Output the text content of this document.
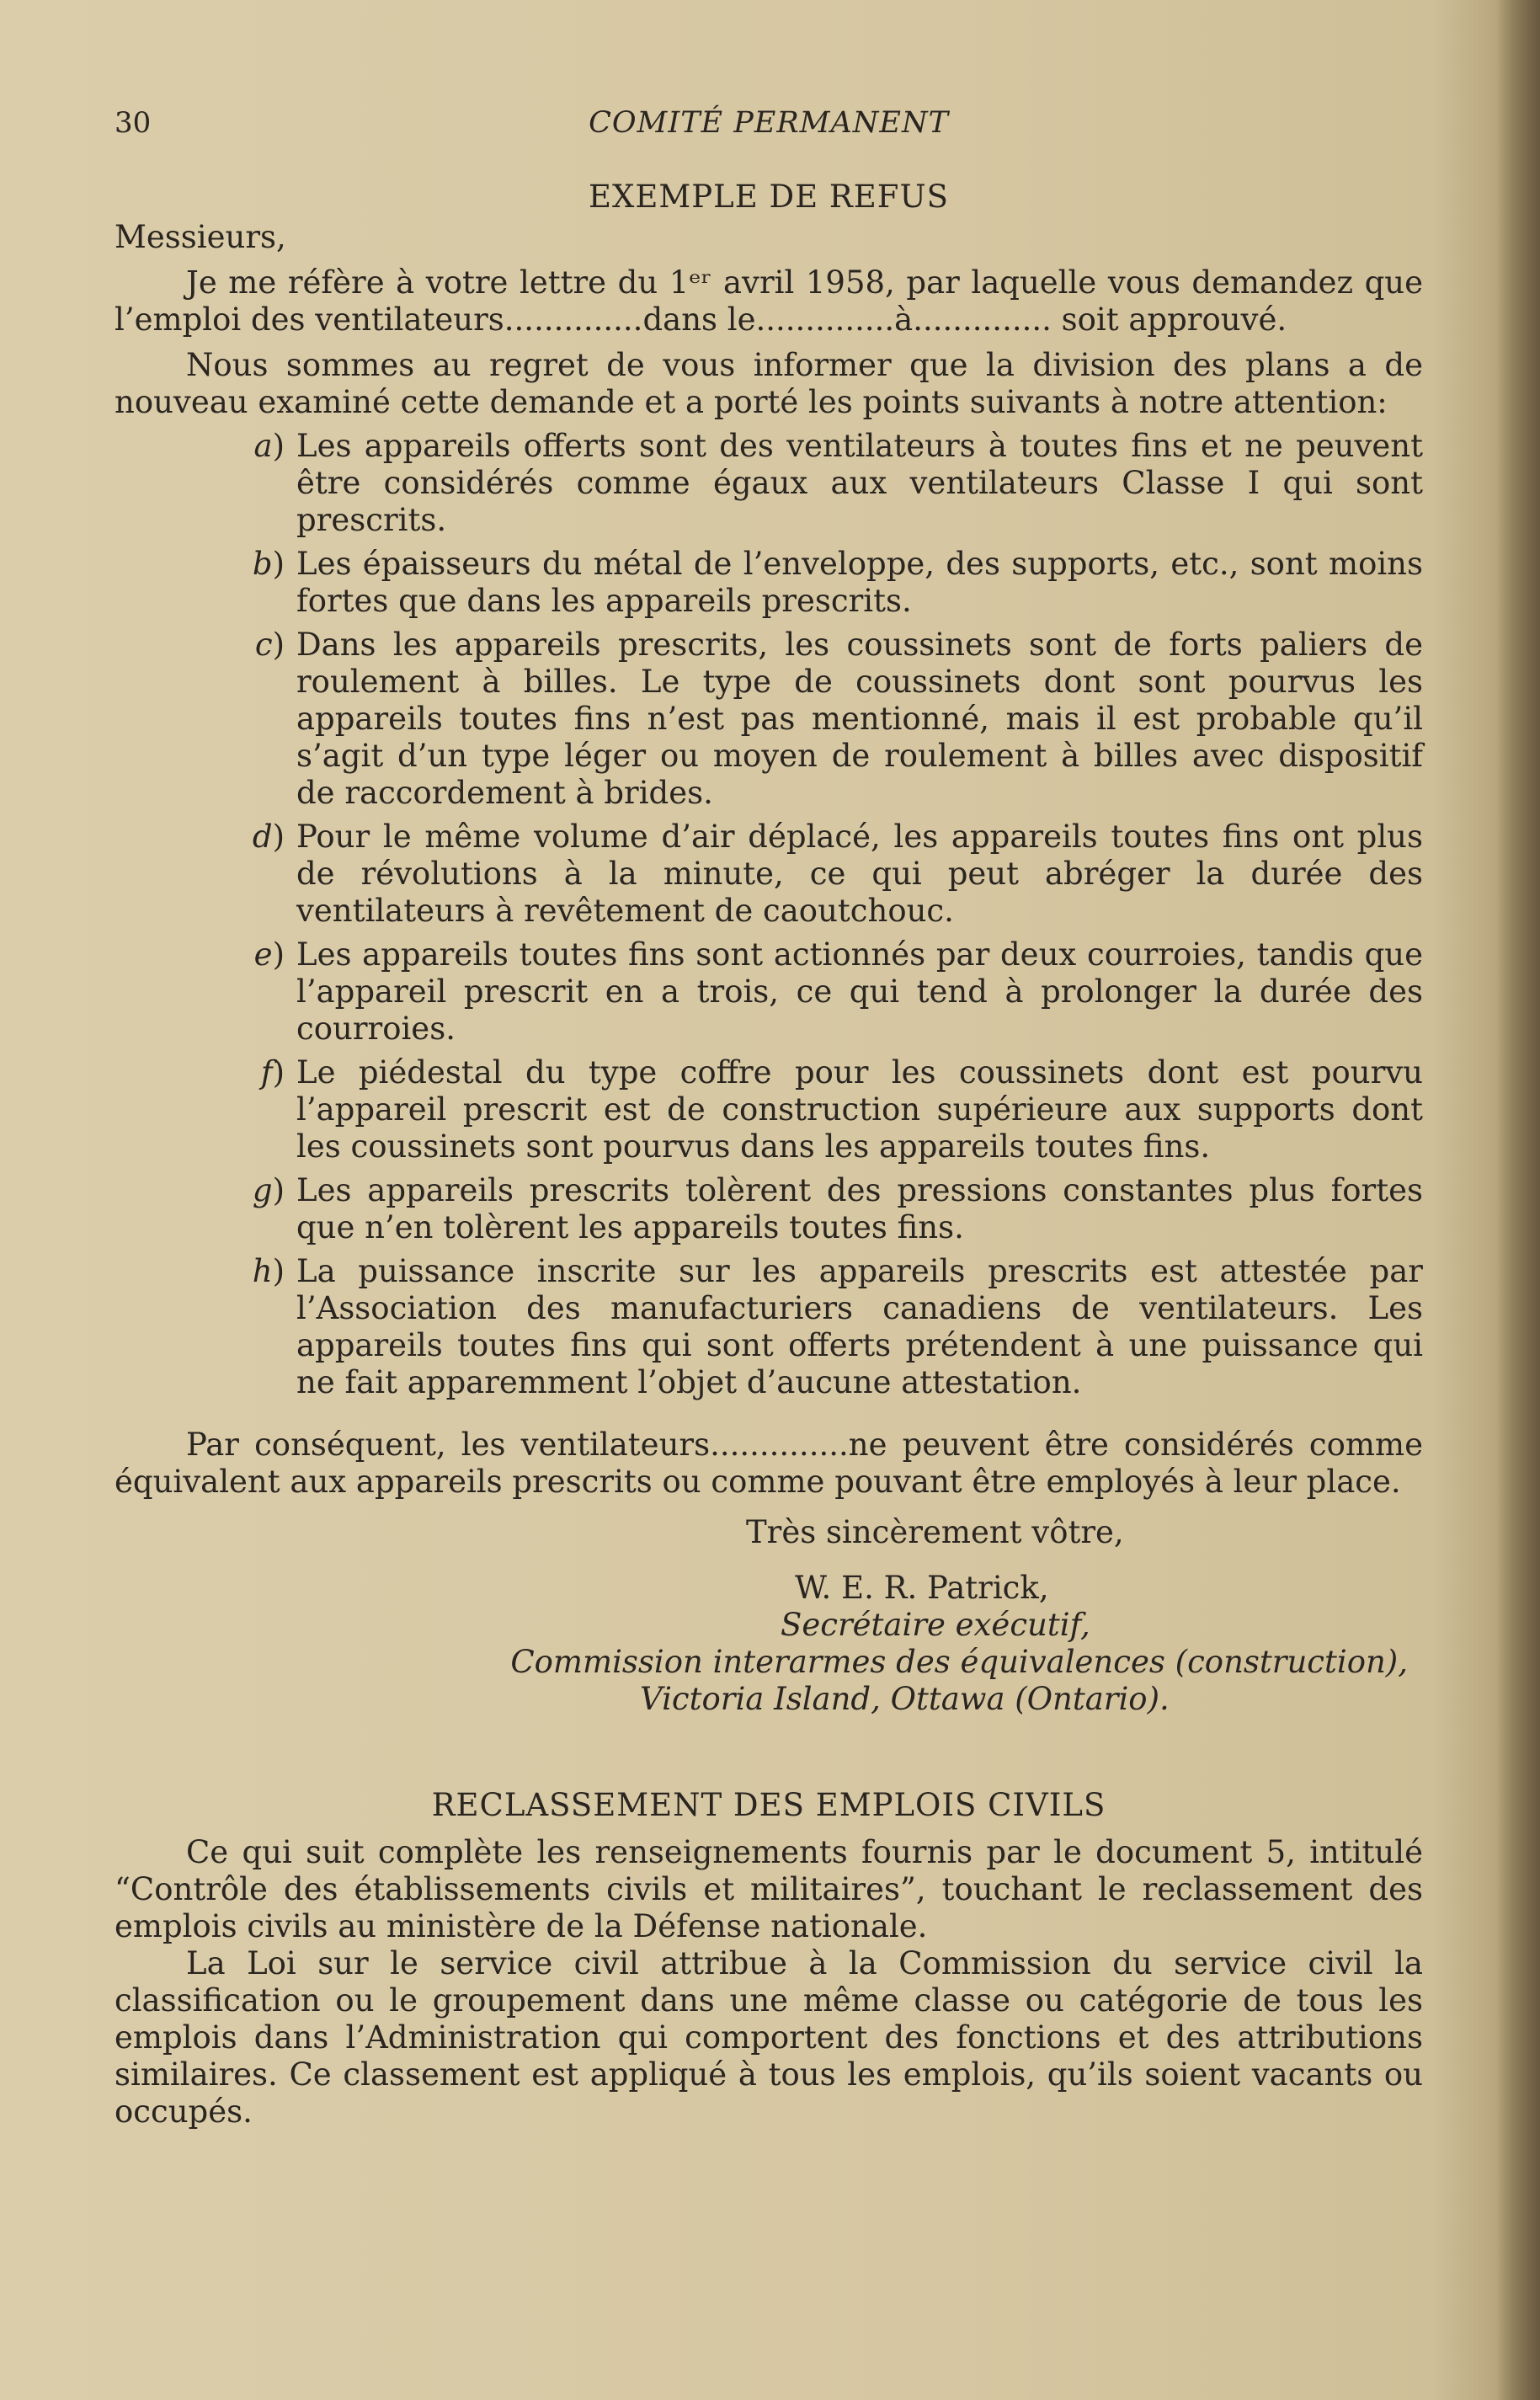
30	COMITÉ PERMANENT
EXEMPLE DE REFUS

Messieurs,

Je me réfère à votre lettre du 1ᵉʳ avril 1958, par laquelle vous demandez que l’emploi des ventilateurs..............dans le..............à.............. soit approuvé.

Nous sommes au regret de vous informer que la division des plans a de nouveau examiné cette demande et a porté les points suivants à notre attention:

a) Les appareils offerts sont des ventilateurs à toutes fins et ne peuvent être considérés comme égaux aux ventilateurs Classe I qui sont prescrits.
b) Les épaisseurs du métal de l’enveloppe, des supports, etc., sont moins fortes que dans les appareils prescrits.
c) Dans les appareils prescrits, les coussinets sont de forts paliers de roulement à billes. Le type de coussinets dont sont pourvus les appareils toutes fins n’est pas mentionné, mais il est probable qu’il s’agit d’un type léger ou moyen de roulement à billes avec dispositif de raccordement à brides.
d) Pour le même volume d’air déplacé, les appareils toutes fins ont plus de révolutions à la minute, ce qui peut abréger la durée des ventilateurs à revêtement de caoutchouc.
e) Les appareils toutes fins sont actionnés par deux courroies, tandis que l’appareil prescrit en a trois, ce qui tend à prolonger la durée des courroies.
f) Le piédestal du type coffre pour les coussinets dont est pourvu l’appareil prescrit est de construction supérieure aux supports dont les coussinets sont pourvus dans les appareils toutes fins.
g) Les appareils prescrits tolèrent des pressions constantes plus fortes que n’en tolèrent les appareils toutes fins.
h) La puissance inscrite sur les appareils prescrits est attestée par l’Association des manufacturiers canadiens de ventilateurs. Les appareils toutes fins qui sont offerts prétendent à une puissance qui ne fait apparemment l’objet d’aucune attestation.

Par conséquent, les ventilateurs..............ne peuvent être considérés comme équivalent aux appareils prescrits ou comme pouvant être employés à leur place.

Très sincèrement vôtre,
W. E. R. Patrick,
Secrétaire exécutif,
Commission interarmes des équivalences (construction),
Victoria Island, Ottawa (Ontario).
RECLASSEMENT DES EMPLOIS CIVILS

Ce qui suit complète les renseignements fournis par le document 5, intitulé “Contrôle des établissements civils et militaires”, touchant le reclassement des emplois civils au ministère de la Défense nationale.

La Loi sur le service civil attribue à la Commission du service civil la classification ou le groupement dans une même classe ou catégorie de tous les emplois dans l’Administration qui comportent des fonctions et des attributions similaires. Ce classement est appliqué à tous les emplois, qu’ils soient vacants ou occupés.
